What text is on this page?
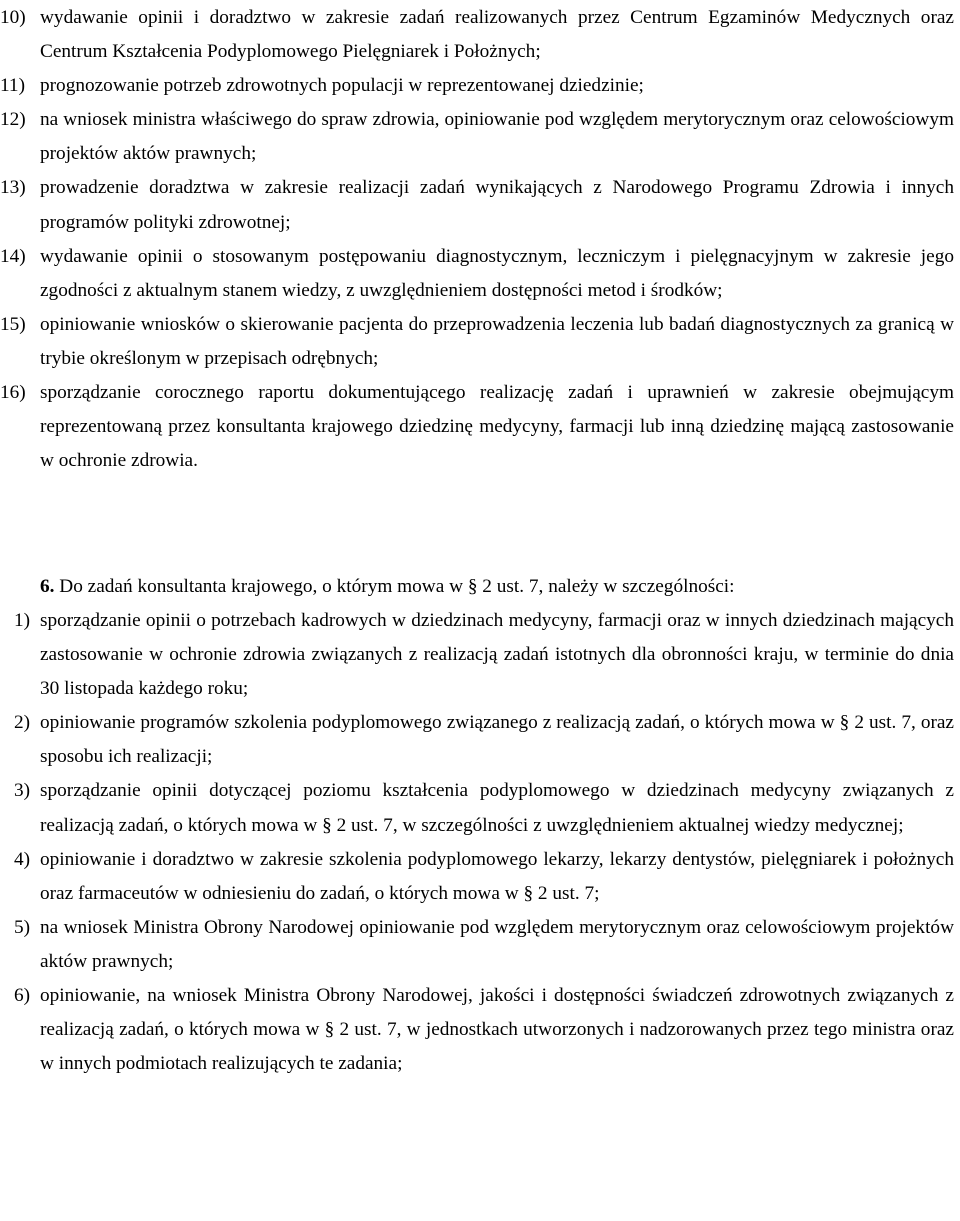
10) wydawanie opinii i doradztwo w zakresie zadań realizowanych przez Centrum Egzaminów Medycznych oraz Centrum Kształcenia Podyplomowego Pielęgniarek i Położnych;
11) prognozowanie potrzeb zdrowotnych populacji w reprezentowanej dziedzinie;
12) na wniosek ministra właściwego do spraw zdrowia, opiniowanie pod względem merytorycznym oraz celowościowym projektów aktów prawnych;
13) prowadzenie doradztwa w zakresie realizacji zadań wynikających z Narodowego Programu Zdrowia i innych programów polityki zdrowotnej;
14) wydawanie opinii o stosowanym postępowaniu diagnostycznym, leczniczym i pielęgnacyjnym w zakresie jego zgodności z aktualnym stanem wiedzy, z uwzględnieniem dostępności metod i środków;
15) opiniowanie wniosków o skierowanie pacjenta do przeprowadzenia leczenia lub badań diagnostycznych za granicą w trybie określonym w przepisach odrębnych;
16) sporządzanie corocznego raportu dokumentującego realizację zadań i uprawnień w zakresie obejmującym reprezentowaną przez konsultanta krajowego dziedzinę medycyny, farmacji lub inną dziedzinę mającą zastosowanie w ochronie zdrowia.
6. Do zadań konsultanta krajowego, o którym mowa w § 2 ust. 7, należy w szczególności:
1) sporządzanie opinii o potrzebach kadrowych w dziedzinach medycyny, farmacji oraz w innych dziedzinach mających zastosowanie w ochronie zdrowia związanych z realizacją zadań istotnych dla obronności kraju, w terminie do dnia 30 listopada każdego roku;
2) opiniowanie programów szkolenia podyplomowego związanego z realizacją zadań, o których mowa w § 2 ust. 7, oraz sposobu ich realizacji;
3) sporządzanie opinii dotyczącej poziomu kształcenia podyplomowego w dziedzinach medycyny związanych z realizacją zadań, o których mowa w § 2 ust. 7, w szczególności z uwzględnieniem aktualnej wiedzy medycznej;
4) opiniowanie i doradztwo w zakresie szkolenia podyplomowego lekarzy, lekarzy dentystów, pielęgniarek i położnych oraz farmaceutów w odniesieniu do zadań, o których mowa w § 2 ust. 7;
5) na wniosek Ministra Obrony Narodowej opiniowanie pod względem merytorycznym oraz celowościowym projektów aktów prawnych;
6) opiniowanie, na wniosek Ministra Obrony Narodowej, jakości i dostępności świadczeń zdrowotnych związanych z realizacją zadań, o których mowa w § 2 ust. 7, w jednostkach utworzonych i nadzorowanych przez tego ministra oraz w innych podmiotach realizujących te zadania;
